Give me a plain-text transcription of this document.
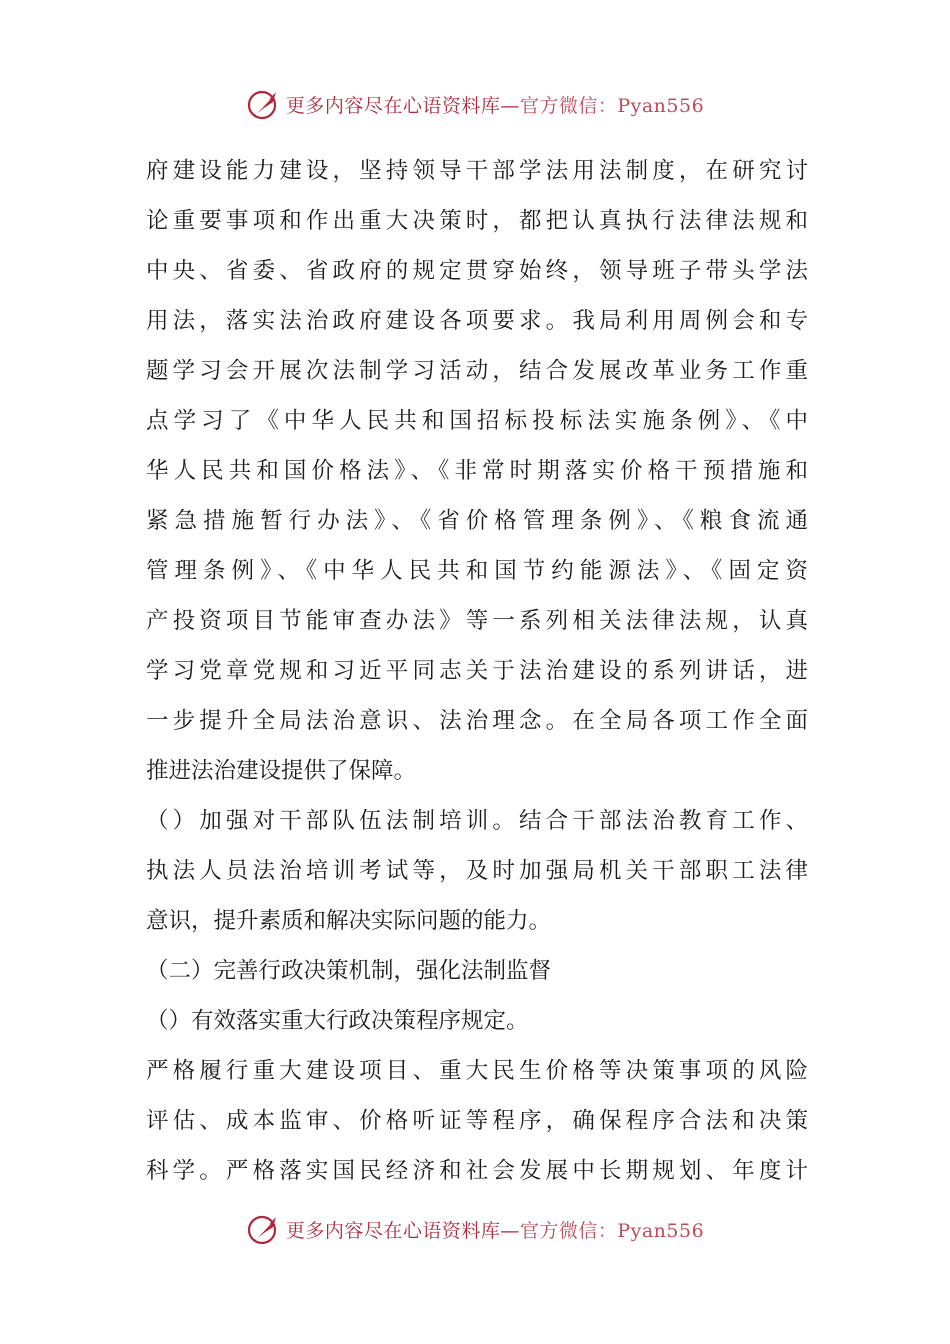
更多内容尽在心语资料库—官方微信：Pyan556
府建设能力建设，坚持领导干部学法用法制度，在研究讨
论重要事项和作出重大决策时，都把认真执行法律法规和
中央、省委、省政府的规定贯穿始终，领导班子带头学法
用法，落实法治政府建设各项要求。我局利用周例会和专
题学习会开展次法制学习活动，结合发展改革业务工作重
点学习了《中华人民共和国招标投标法实施条例》、《中
华人民共和国价格法》、《非常时期落实价格干预措施和
紧急措施暂行办法》、《省价格管理条例》、《粮食流通
管理条例》、《中华人民共和国节约能源法》、《固定资
产投资项目节能审查办法》等一系列相关法律法规，认真
学习党章党规和习近平同志关于法治建设的系列讲话，进
一步提升全局法治意识、法治理念。在全局各项工作全面
推进法治建设提供了保障。
（）加强对干部队伍法制培训。结合干部法治教育工作、
执法人员法治培训考试等，及时加强局机关干部职工法律
意识，提升素质和解决实际问题的能力。
（二）完善行政决策机制，强化法制监督
（）有效落实重大行政决策程序规定。
严格履行重大建设项目、重大民生价格等决策事项的风险
评估、成本监审、价格听证等程序，确保程序合法和决策
科学。严格落实国民经济和社会发展中长期规划、年度计
更多内容尽在心语资料库—官方微信：Pyan556
